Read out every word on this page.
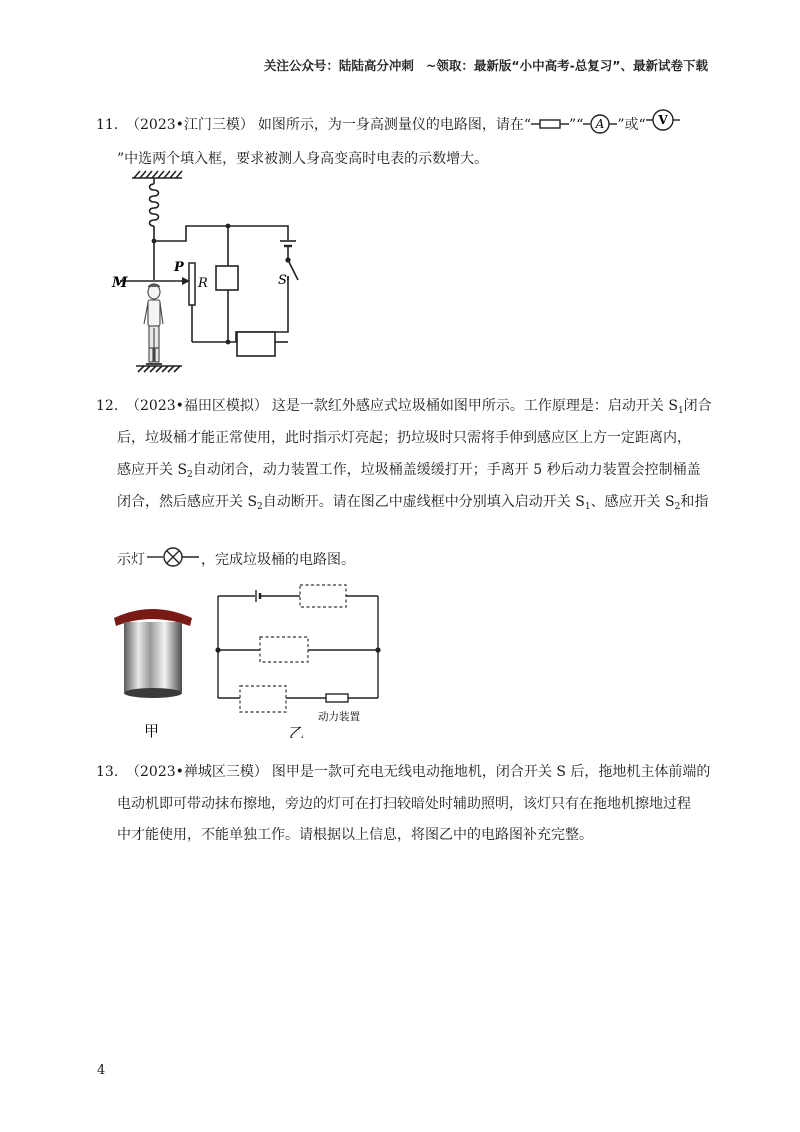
关注公众号：陆陆高分冲刺 ~领取：最新版“小中高考-总复习”、最新试卷下载
11. （2023•江门三模） 如图所示，为一身高测量仪的电路图，请在“	”“ A ”或“ V
”中选两个填入框，要求被测人身高变高时电表的示数增大。
M
P
R	S
12. （2023•福田区模拟） 这是一款红外感应式垃圾桶如图甲所示。工作原理是：启动开关 $S_1$闭合
后，垃圾桶才能正常使用，此时指示灯亮起；扔垃圾时只需将手伸到感应区上方一定距离内，
感应开关 $S_2$自动闭合，动力装置工作，垃圾桶盖缓缓打开；手离开 5 秒后动力装置会控制桶盖
闭合，然后感应开关 $S_2$自动断开。请在图乙中虚线框中分别填入启动开关 $S_1$、感应开关 $S_2$和指
示灯	，完成垃圾桶的电路图。
甲
动力装置
乙
13. （2023•禅城区三模） 图甲是一款可充电无线电动拖地机，闭合开关 S 后，拖地机主体前端的
电动机即可带动抹布擦地，旁边的灯可在打扫较暗处时辅助照明，该灯只有在拖地机擦地过程
中才能使用，不能单独工作。请根据以上信息，将图乙中的电路图补充完整。
4
